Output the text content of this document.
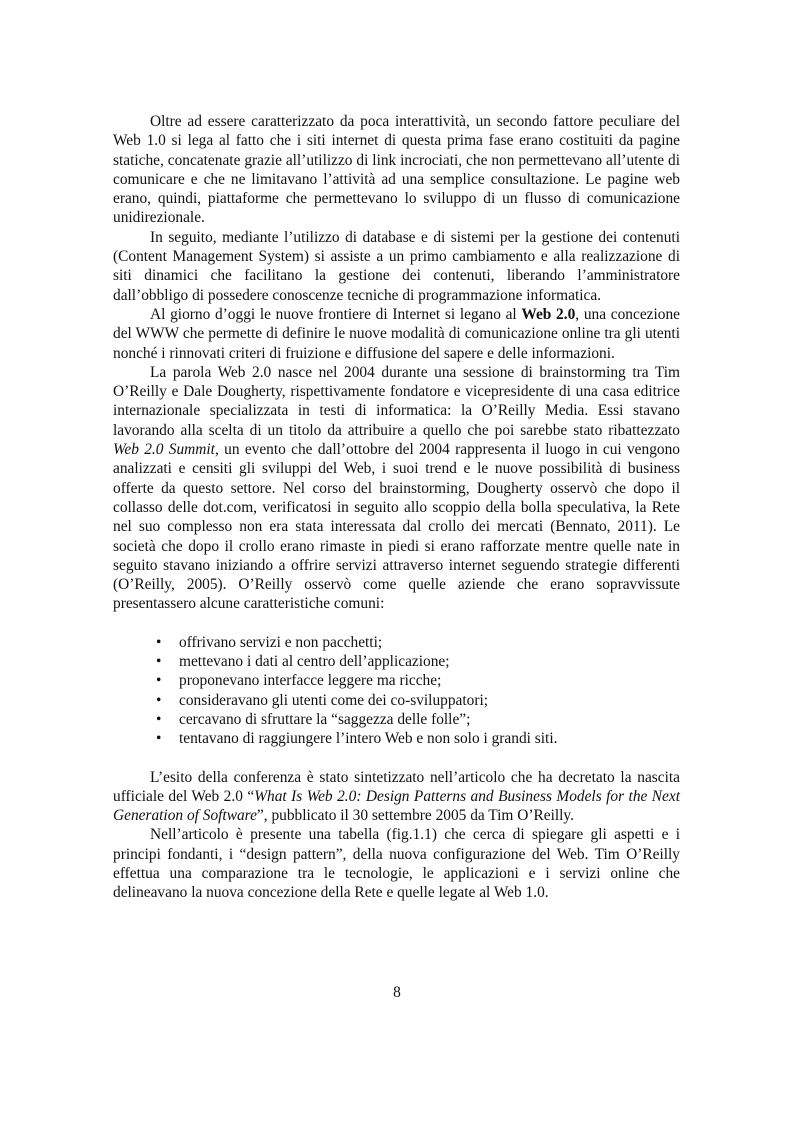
Oltre ad essere caratterizzato da poca interattività, un secondo fattore peculiare del Web 1.0 si lega al fatto che i siti internet di questa prima fase erano costituiti da pagine statiche, concatenate grazie all’utilizzo di link incrociati, che non permettevano all’utente di comunicare e che ne limitavano l’attività ad una semplice consultazione. Le pagine web erano, quindi, piattaforme che permettevano lo sviluppo di un flusso di comunicazione unidirezionale.

In seguito, mediante l’utilizzo di database e di sistemi per la gestione dei contenuti (Content Management System) si assiste a un primo cambiamento e alla realizzazione di siti dinamici che facilitano la gestione dei contenuti, liberando l’amministratore dall’obbligo di possedere conoscenze tecniche di programmazione informatica.

Al giorno d’oggi le nuove frontiere di Internet si legano al Web 2.0, una concezione del WWW che permette di definire le nuove modalità di comunicazione online tra gli utenti nonché i rinnovati criteri di fruizione e diffusione del sapere e delle informazioni.

La parola Web 2.0 nasce nel 2004 durante una sessione di brainstorming tra Tim O’Reilly e Dale Dougherty, rispettivamente fondatore e vicepresidente di una casa editrice internazionale specializzata in testi di informatica: la O’Reilly Media. Essi stavano lavorando alla scelta di un titolo da attribuire a quello che poi sarebbe stato ribattezzato Web 2.0 Summit, un evento che dall’ottobre del 2004 rappresenta il luogo in cui vengono analizzati e censiti gli sviluppi del Web, i suoi trend e le nuove possibilità di business offerte da questo settore. Nel corso del brainstorming, Dougherty osservò che dopo il collasso delle dot.com, verificatosi in seguito allo scoppio della bolla speculativa, la Rete nel suo complesso non era stata interessata dal crollo dei mercati (Bennato, 2011). Le società che dopo il crollo erano rimaste in piedi si erano rafforzate mentre quelle nate in seguito stavano iniziando a offrire servizi attraverso internet seguendo strategie differenti (O’Reilly, 2005). O’Reilly osservò come quelle aziende che erano sopravvissute presentassero alcune caratteristiche comuni:

• offrivano servizi e non pacchetti;
• mettevano i dati al centro dell’applicazione;
• proponevano interfacce leggere ma ricche;
• consideravano gli utenti come dei co-sviluppatori;
• cercavano di sfruttare la “saggezza delle folle”;
• tentavano di raggiungere l’intero Web e non solo i grandi siti.

L’esito della conferenza è stato sintetizzato nell’articolo che ha decretato la nascita ufficiale del Web 2.0 “What Is Web 2.0: Design Patterns and Business Models for the Next Generation of Software”, pubblicato il 30 settembre 2005 da Tim O’Reilly.

Nell’articolo è presente una tabella (fig.1.1) che cerca di spiegare gli aspetti e i principi fondanti, i “design pattern”, della nuova configurazione del Web. Tim O’Reilly effettua una comparazione tra le tecnologie, le applicazioni e i servizi online che delineavano la nuova concezione della Rete e quelle legate al Web 1.0.

8
